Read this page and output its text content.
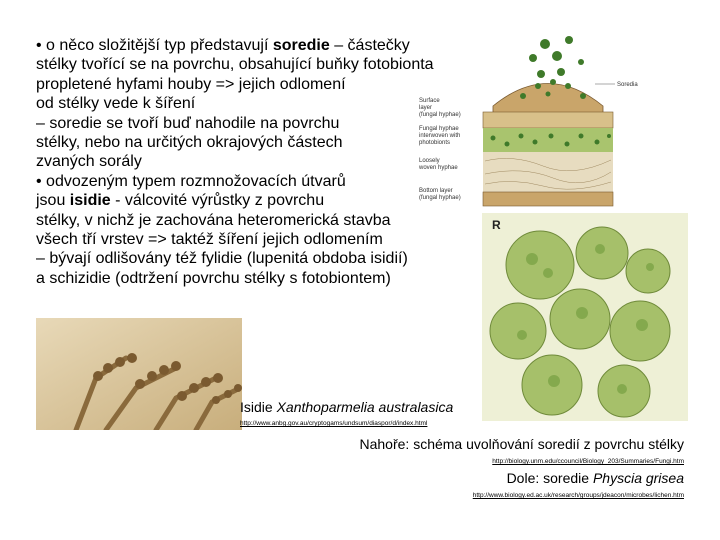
• o něco složitější typ představují soredie – částečky
stélky tvořící se na povrchu, obsahující buňky fotobionta
propletené hyfami houby => jejich odlomení
od stélky vede k šíření
– soredie se tvoří buď nahodile na povrchu
stélky, nebo na určitých okrajových částech
zvaných sorály
• odvozeným typem rozmnožovacích útvarů
jsou isidie - válcovité výrůstky z povrchu
stélky, v nichž je zachována heteromerická stavba
všech tří vrstev => taktéž šíření jejich odlomením
– bývají odlišovány též fylidie (lupenitá obdoba isidií)
a schizidie (odtržení povrchu stélky s fotobiontem)
Soredia
Surface
layer
(fungal hyphae)
Fungal hyphae
interwoven with
photobionts
Loosely
woven hyphae
Bottom layer
(fungal hyphae)
R
Isidie Xanthoparmelia australasica
http://www.anbg.gov.au/cryptogams/undsum/diaspor/d/index.html
Nahoře: schéma uvolňování soredií z povrchu stélky
http://biology.unm.edu/ccouncil/Biology_203/Summaries/Fungi.htm
Dole: soredie Physcia grisea
http://www.biology.ed.ac.uk/research/groups/jdeacon/microbes/lichen.htm
